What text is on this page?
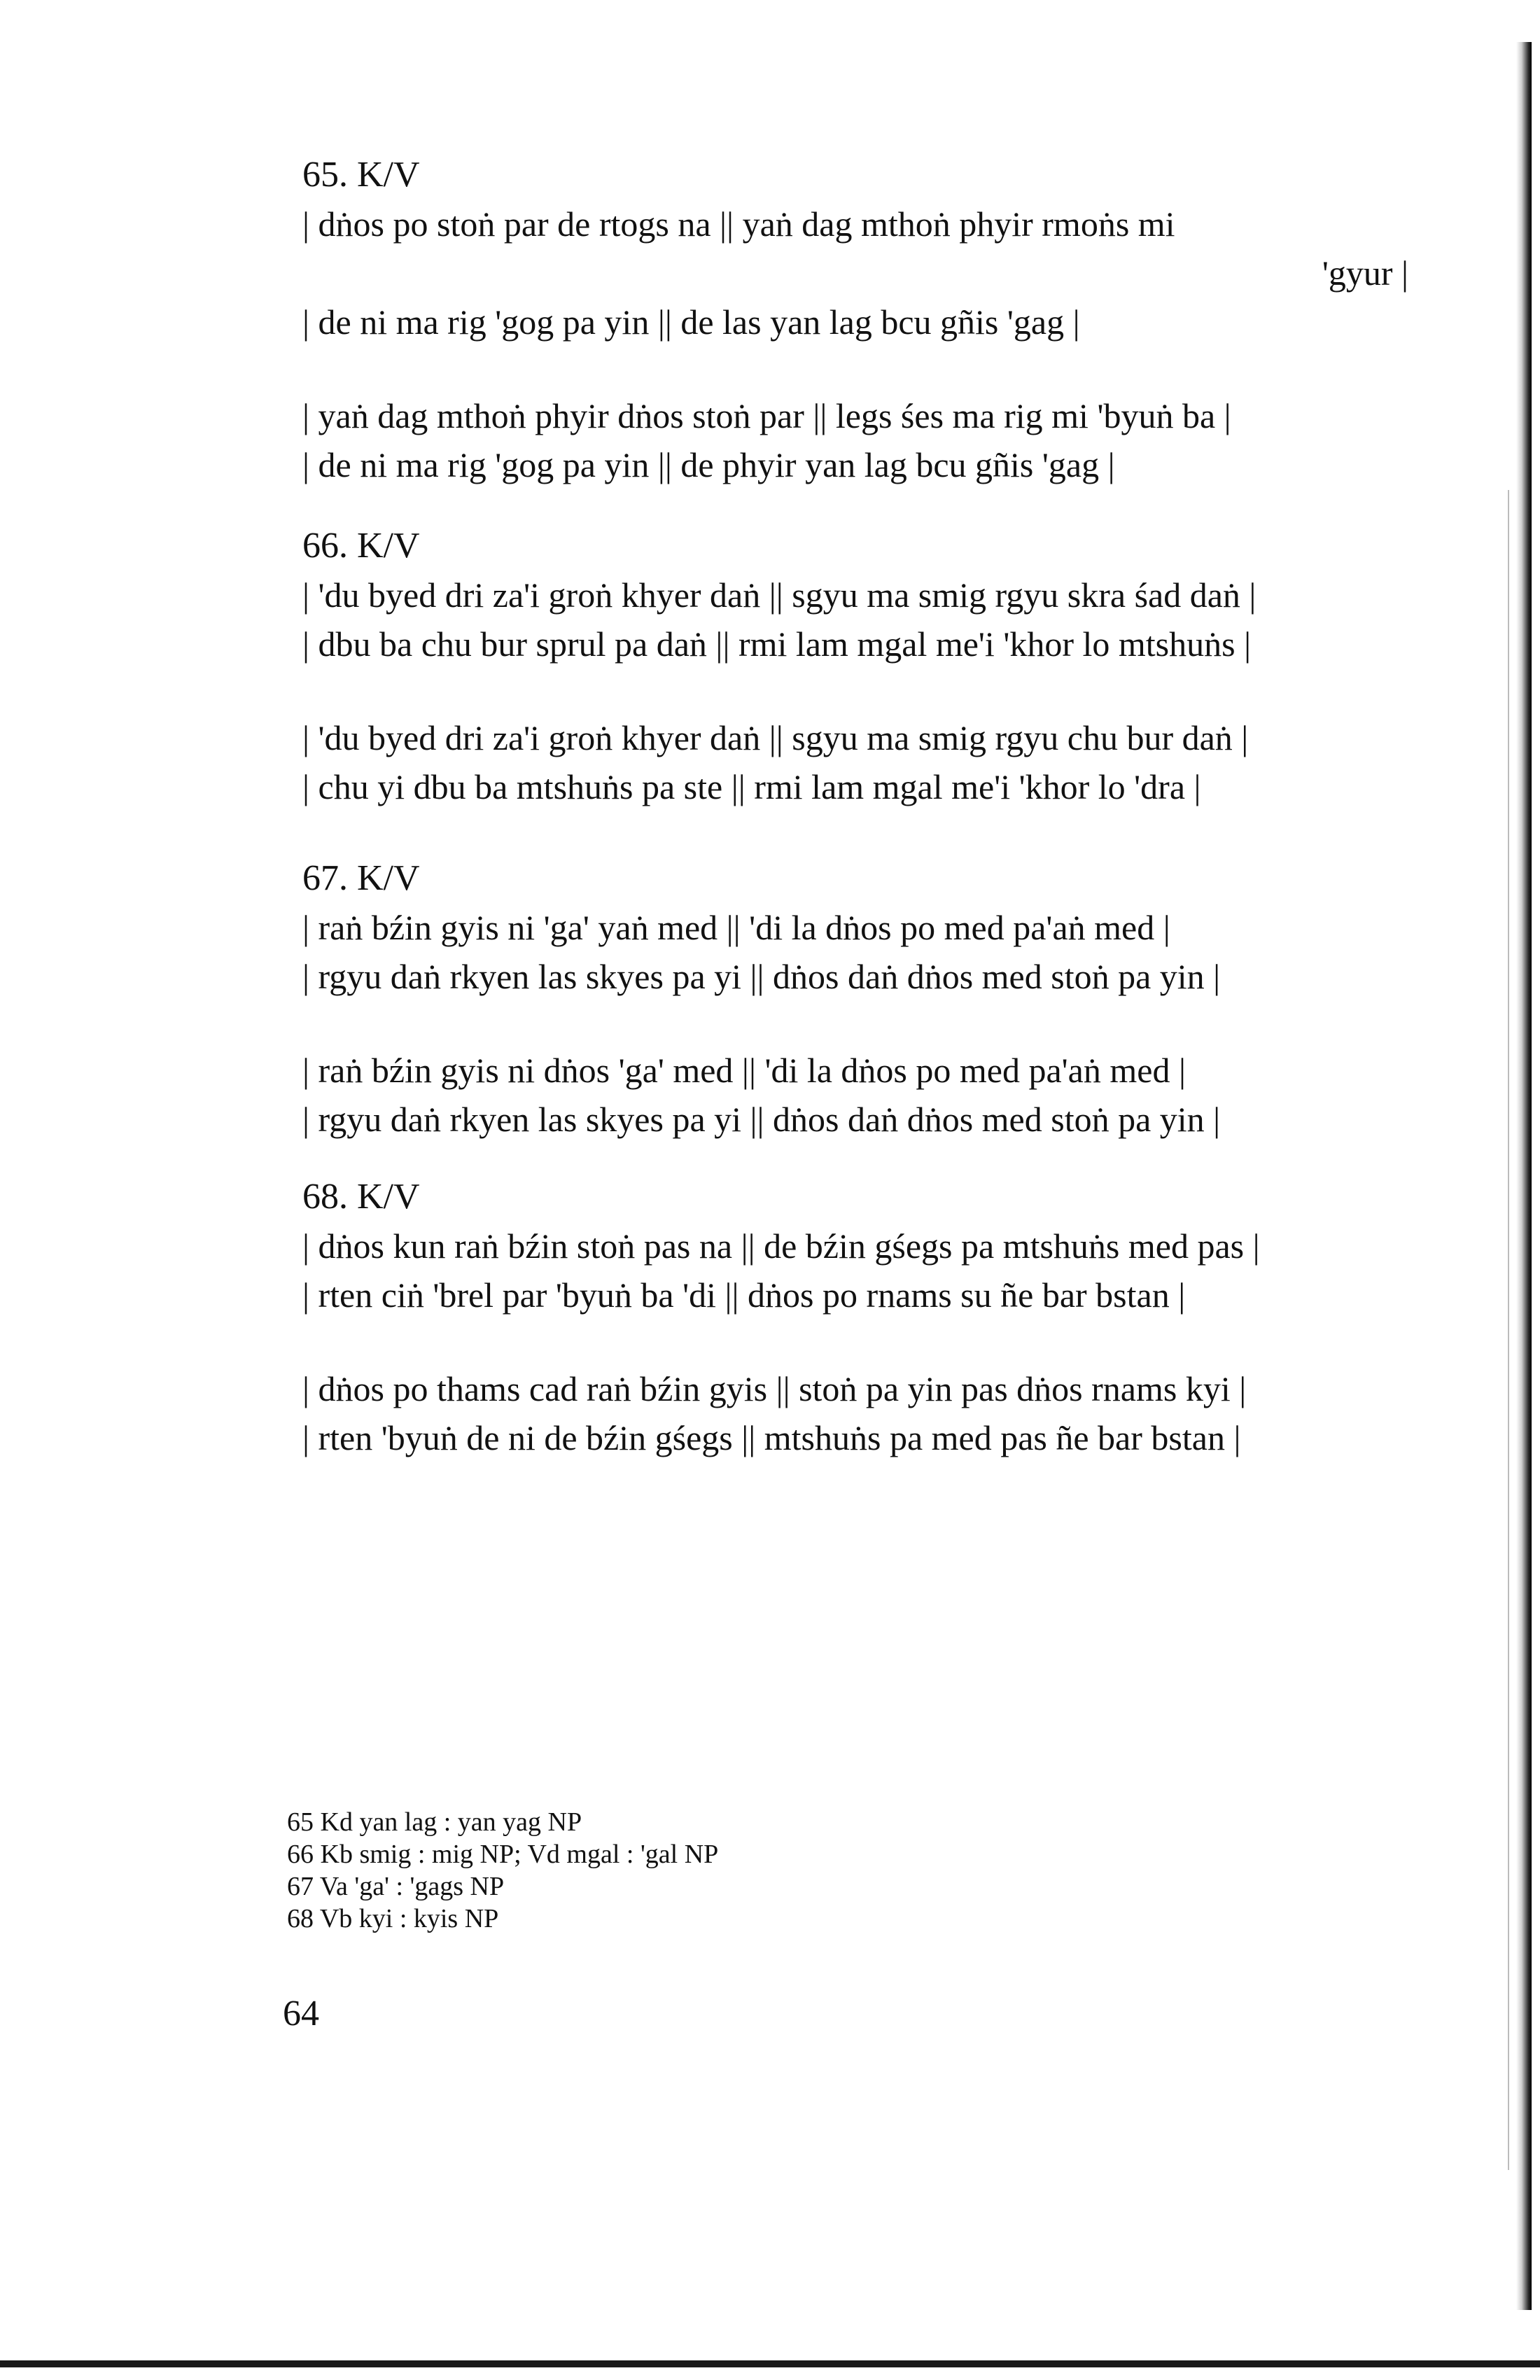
65. K/V
| dṅos po stoṅ par de rtogs na || yaṅ dag mthoṅ phyir rmoṅs mi
'gyur |
| de ni ma rig 'gog pa yin || de las yan lag bcu gñis 'gag |
| yaṅ dag mthoṅ phyir dṅos stoṅ par || legs śes ma rig mi 'byuṅ ba |
| de ni ma rig 'gog pa yin || de phyir yan lag bcu gñis 'gag |
66. K/V
| 'du byed dri za'i groṅ khyer daṅ || sgyu ma smig rgyu skra śad daṅ |
| dbu ba chu bur sprul pa daṅ || rmi lam mgal me'i 'khor lo mtshuṅs |
| 'du byed dri za'i groṅ khyer daṅ || sgyu ma smig rgyu chu bur daṅ |
| chu yi dbu ba mtshuṅs pa ste || rmi lam mgal me'i 'khor lo 'dra |
67. K/V
| raṅ bźin gyis ni 'ga' yaṅ med || 'di la dṅos po med pa'aṅ med |
| rgyu daṅ rkyen las skyes pa yi || dṅos daṅ dṅos med stoṅ pa yin |
| raṅ bźin gyis ni dṅos 'ga' med || 'di la dṅos po med pa'aṅ med |
| rgyu daṅ rkyen las skyes pa yi || dṅos daṅ dṅos med stoṅ pa yin |
68. K/V
| dṅos kun raṅ bźin stoṅ pas na || de bźin gśegs pa mtshuṅs med pas |
| rten ciṅ 'brel par 'byuṅ ba 'di || dṅos po rnams su ñe bar bstan |
| dṅos po thams cad raṅ bźin gyis || stoṅ pa yin pas dṅos rnams kyi |
| rten 'byuṅ de ni de bźin gśegs || mtshuṅs pa med pas ñe bar bstan |
65 Kd yan lag : yan yag NP
66 Kb smig : mig NP; Vd mgal : 'gal NP
67 Va 'ga' : 'gags NP
68 Vb kyi : kyis NP
64
